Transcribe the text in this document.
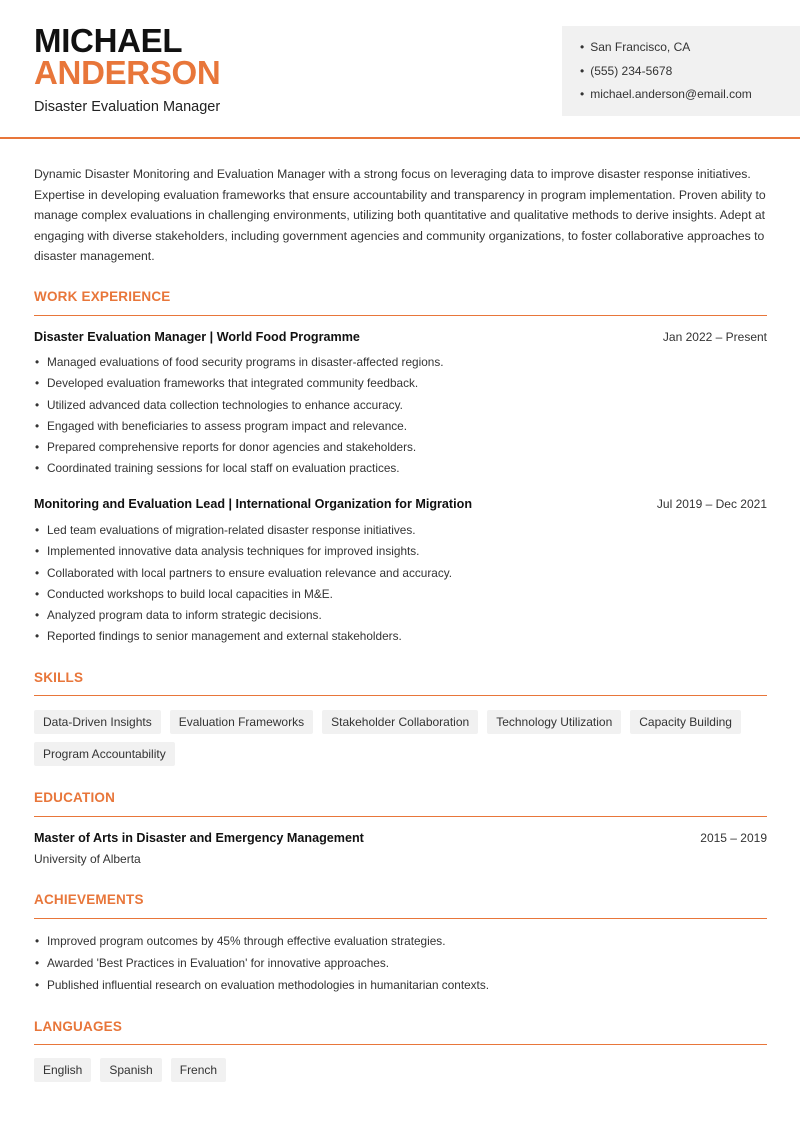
MICHAEL
ANDERSON
Disaster Evaluation Manager
• San Francisco, CA
• (555) 234-5678
• michael.anderson@email.com
Dynamic Disaster Monitoring and Evaluation Manager with a strong focus on leveraging data to improve disaster response initiatives. Expertise in developing evaluation frameworks that ensure accountability and transparency in program implementation. Proven ability to manage complex evaluations in challenging environments, utilizing both quantitative and qualitative methods to derive insights. Adept at engaging with diverse stakeholders, including government agencies and community organizations, to foster collaborative approaches to disaster management.
WORK EXPERIENCE
Disaster Evaluation Manager | World Food Programme	Jan 2022 – Present
• Managed evaluations of food security programs in disaster-affected regions.
• Developed evaluation frameworks that integrated community feedback.
• Utilized advanced data collection technologies to enhance accuracy.
• Engaged with beneficiaries to assess program impact and relevance.
• Prepared comprehensive reports for donor agencies and stakeholders.
• Coordinated training sessions for local staff on evaluation practices.
Monitoring and Evaluation Lead | International Organization for Migration	Jul 2019 – Dec 2021
• Led team evaluations of migration-related disaster response initiatives.
• Implemented innovative data analysis techniques for improved insights.
• Collaborated with local partners to ensure evaluation relevance and accuracy.
• Conducted workshops to build local capacities in M&E.
• Analyzed program data to inform strategic decisions.
• Reported findings to senior management and external stakeholders.
SKILLS
Data-Driven Insights	Evaluation Frameworks	Stakeholder Collaboration	Technology Utilization	Capacity Building
Program Accountability
EDUCATION
Master of Arts in Disaster and Emergency Management	2015 – 2019
University of Alberta
ACHIEVEMENTS
• Improved program outcomes by 45% through effective evaluation strategies.
• Awarded 'Best Practices in Evaluation' for innovative approaches.
• Published influential research on evaluation methodologies in humanitarian contexts.
LANGUAGES
English	Spanish	French
